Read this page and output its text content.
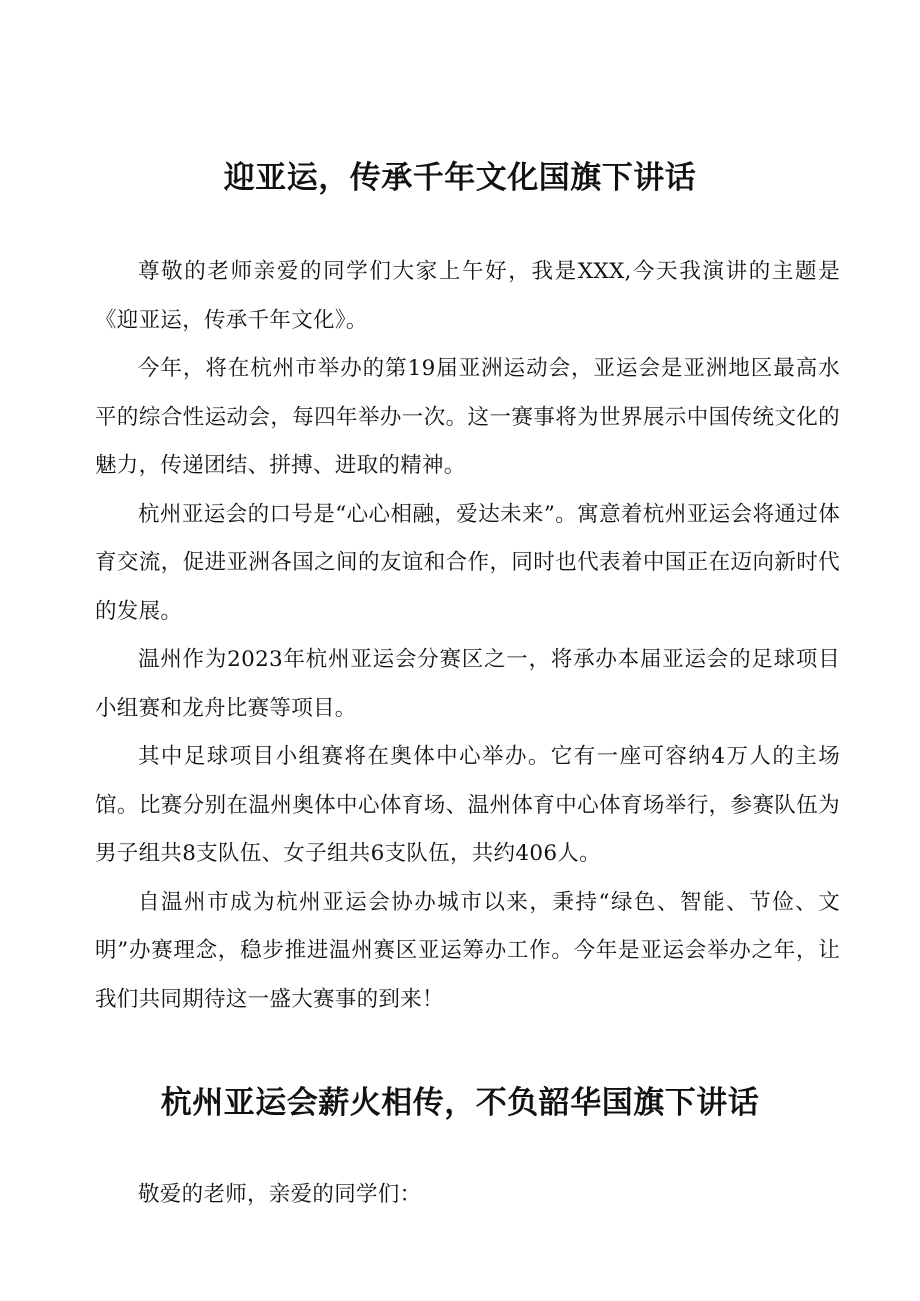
迎亚运，传承千年文化国旗下讲话

尊敬的老师亲爱的同学们大家上午好，我是XXX,今天我演讲的主题是《迎亚运，传承千年文化》。

今年，将在杭州市举办的第19届亚洲运动会，亚运会是亚洲地区最高水平的综合性运动会，每四年举办一次。这一赛事将为世界展示中国传统文化的魅力，传递团结、拼搏、进取的精神。

杭州亚运会的口号是“心心相融，爱达未来”。寓意着杭州亚运会将通过体育交流，促进亚洲各国之间的友谊和合作，同时也代表着中国正在迈向新时代的发展。

温州作为2023年杭州亚运会分赛区之一，将承办本届亚运会的足球项目小组赛和龙舟比赛等项目。

其中足球项目小组赛将在奥体中心举办。它有一座可容纳4万人的主场馆。比赛分别在温州奥体中心体育场、温州体育中心体育场举行，参赛队伍为男子组共8支队伍、女子组共6支队伍，共约406人。

自温州市成为杭州亚运会协办城市以来，秉持“绿色、智能、节俭、文明”办赛理念，稳步推进温州赛区亚运筹办工作。今年是亚运会举办之年，让我们共同期待这一盛大赛事的到来！

杭州亚运会薪火相传，不负韶华国旗下讲话

敬爱的老师，亲爱的同学们：
